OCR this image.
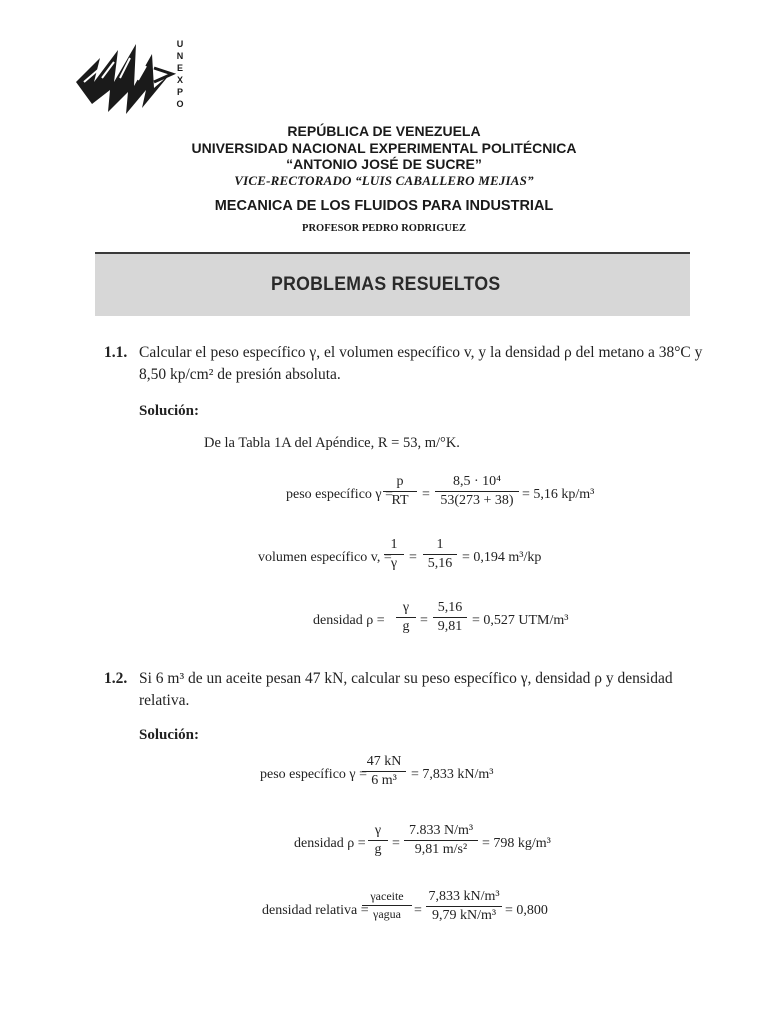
U
N
E
X
P
O
REPÚBLICA DE VENEZUELA
UNIVERSIDAD NACIONAL EXPERIMENTAL POLITÉCNICA
“ANTONIO JOSÉ DE SUCRE”
VICE-RECTORADO “LUIS CABALLERO MEJIAS”
MECANICA DE LOS FLUIDOS PARA INDUSTRIAL
PROFESOR PEDRO RODRIGUEZ
PROBLEMAS RESUELTOS
1.1. Calcular el peso específico γ, el volumen específico v, y la densidad ρ del metano a 38°C y
8,50 kp/cm² de presión absoluta.
Solución:
De la Tabla 1A del Apéndice, R = 53, m/°K.
peso específico γ =
$\frac{p}{RT} = \frac{\text{8,5 · 10⁴}}{53(273 + 38)} = 5,16$ kp/m³
volumen específico v, =
$\frac{1}{\gamma} = \frac{1}{5,16} = 0,194$ m³/kp
densidad $\rho = \frac{\gamma}{g} = \frac{5,16}{9,81} = 0,527$ UTM/m³
1.2. Si 6 m³ de un aceite pesan 47 kN, calcular su peso específico γ, densidad ρ y densidad
relativa.
Solución:
peso específico γ =
$\frac{47 kN}{\text{6 m³}} = 7,833$ kN/m³
densidad $\rho = \frac{\gamma}{g} = \frac{\text{7.833 N/m³}}{\text{9,81 m/s²}} = 798$ kg/m³
densidad relativa =
γaceite
γagua = $\frac{\text{7,833 kN/m³}}{\text{9,79 kN/m³}} = 0,800$
